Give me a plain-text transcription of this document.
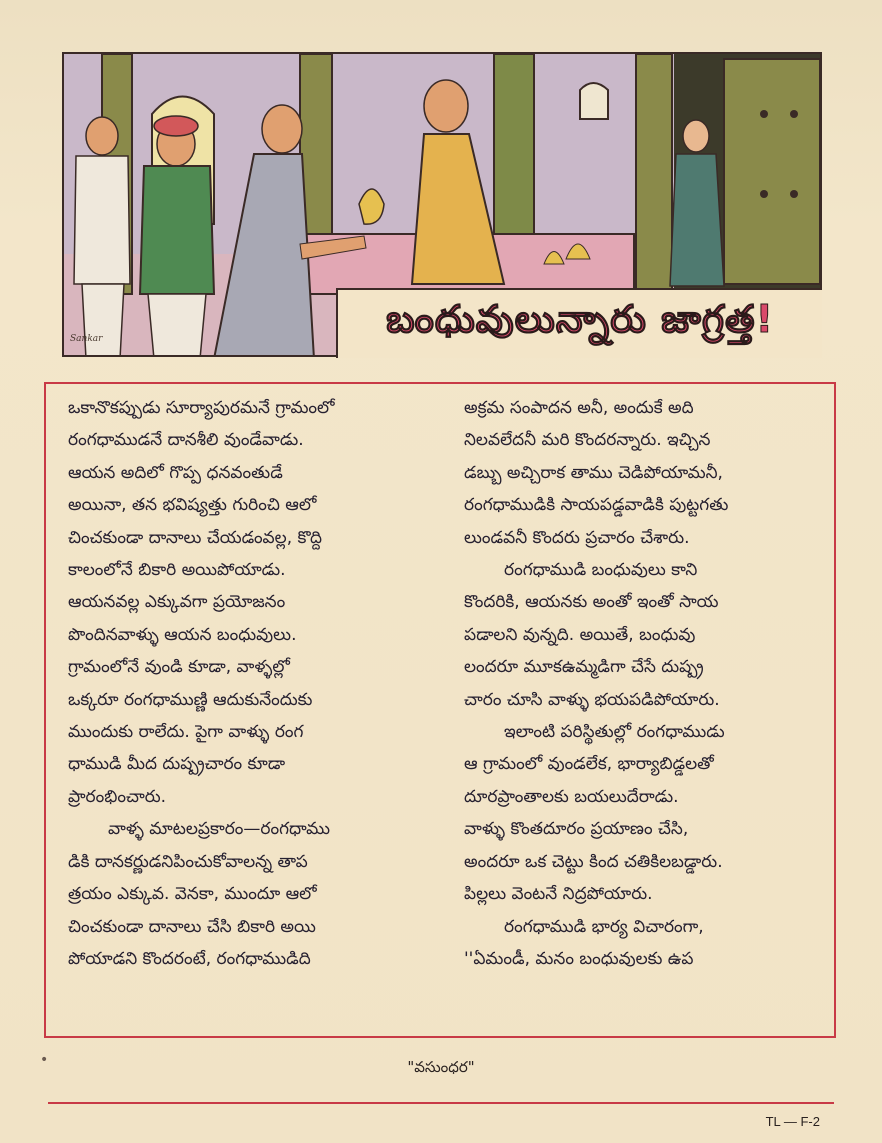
బంధువులున్నారు జాగ్రత్త!
Sankar

ఒకానొకప్పుడు సూర్యాపురమనే గ్రామంలో

రంగధాముడనే దానశీలి వుండేవాడు.

ఆయన అదిలో గొప్ప ధనవంతుడే

అయినా, తన భవిష్యత్తు గురించి ఆలో

చించకుండా దానాలు చేయడంవల్ల, కొద్ది

కాలంలోనే బికారి అయిపోయాడు.

ఆయనవల్ల ఎక్కువగా ప్రయోజనం

పొందినవాళ్ళు ఆయన బంధువులు.

గ్రామంలోనే వుండి కూడా, వాళ్ళల్లో

ఒక్కరూ రంగధాముణ్ణి ఆదుకునేందుకు

ముందుకు రాలేదు. పైగా వాళ్ళు రంగ

ధాముడి మీద దుష్ప్రచారం కూడా

ప్రారంభించారు.

వాళ్ళ మాటలప్రకారం—రంగధాము

డికి దానకర్ణుడనిపించుకోవాలన్న తాప

త్రయం ఎక్కువ. వెనకా, ముందూ ఆలో

చించకుండా దానాలు చేసి బికారి అయి

పోయాడని కొందరంటే, రంగధాముడిది

అక్రమ సంపాదన అనీ, అందుకే అది

నిలవలేదనీ మరి కొందరన్నారు. ఇచ్చిన

డబ్బు అచ్చిరాక తాము చెడిపోయామనీ,

రంగధాముడికి సాయపడ్డవాడికి పుట్టగతు

లుండవనీ కొందరు ప్రచారం చేశారు.

రంగధాముడి బంధువులు కాని

కొందరికి, ఆయనకు అంతో ఇంతో సాయ

పడాలని వున్నది. అయితే, బంధువు

లందరూ మూకఉమ్మడిగా చేసే దుష్ప్ర

చారం చూసి వాళ్ళు భయపడిపోయారు.

ఇలాంటి పరిస్థితుల్లో రంగధాముడు

ఆ గ్రామంలో వుండలేక, భార్యాబిడ్డలతో

దూరప్రాంతాలకు బయలుదేరాడు.

వాళ్ళు కొంతదూరం ప్రయాణం చేసి,

అందరూ ఒక చెట్టు కింద చతికిలబడ్డారు.

పిల్లలు వెంటనే నిద్రపోయారు.

రంగధాముడి భార్య విచారంగా,

''ఏమండీ, మనం బంధువులకు ఉప

•	"వసుంధర"
TL — F-2
